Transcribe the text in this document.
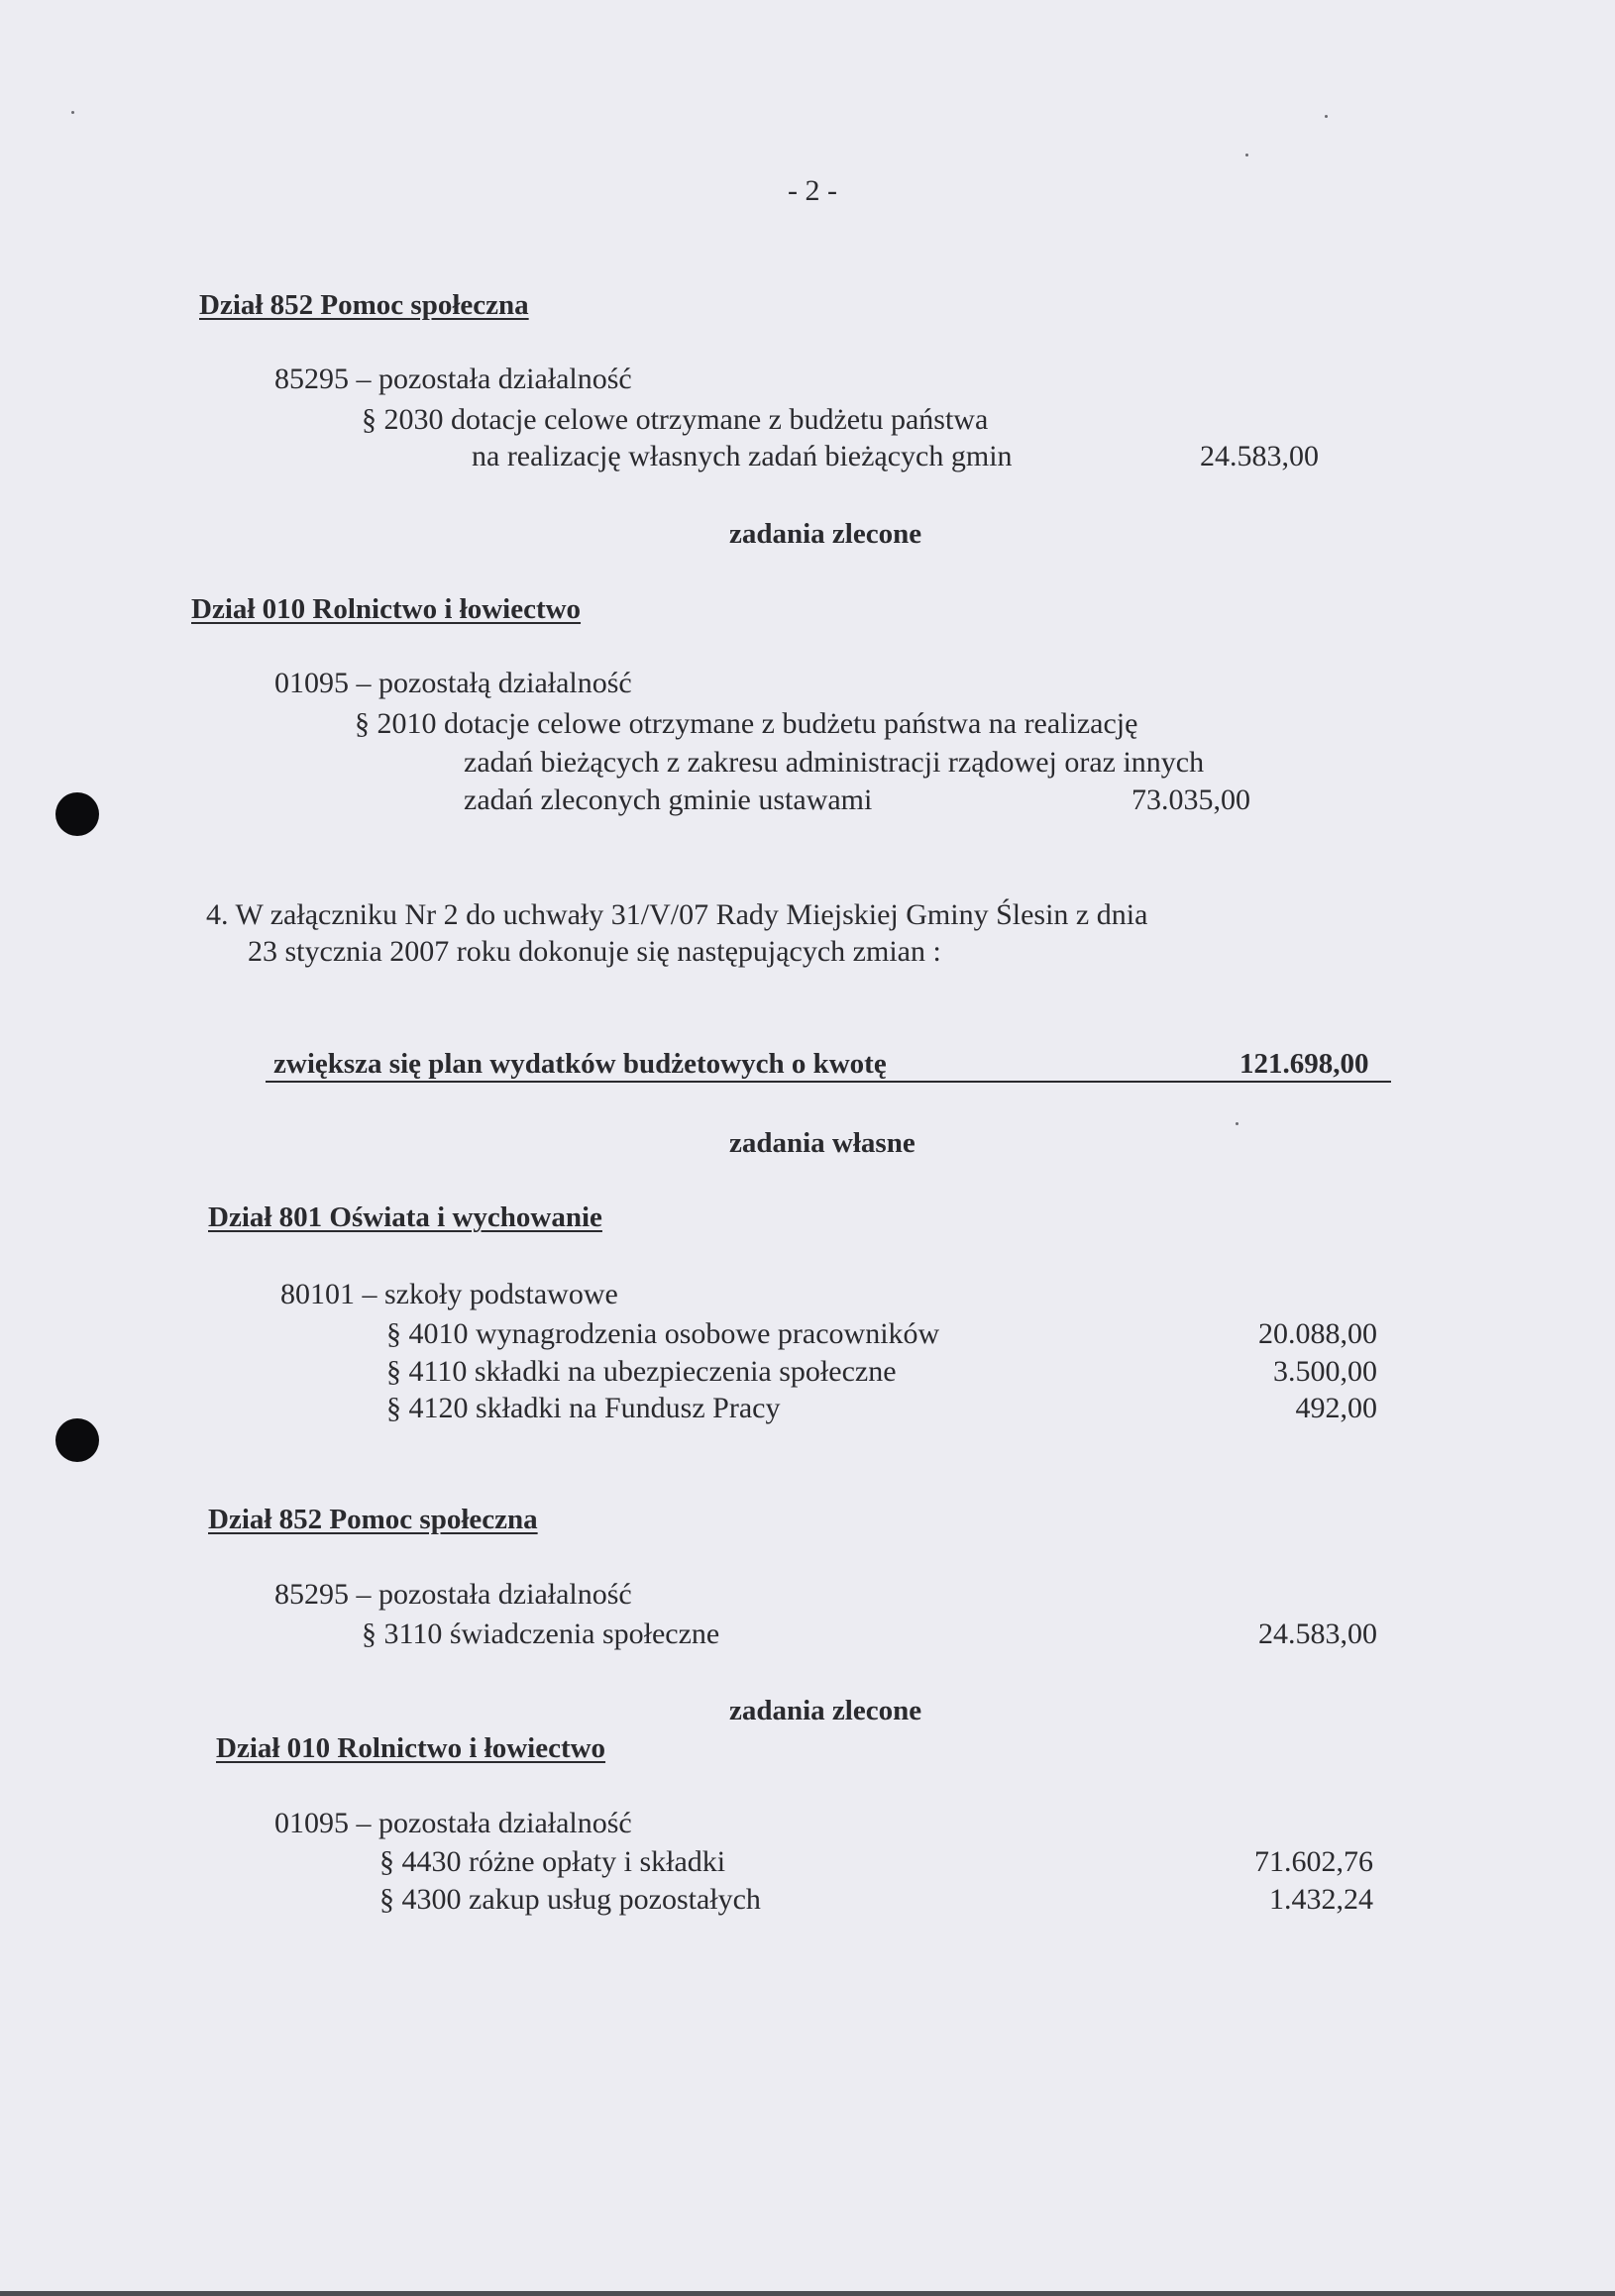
- 2 -
Dział 852 Pomoc społeczna
85295 – pozostała działalność
§ 2030 dotacje celowe otrzymane z budżetu państwa
na realizację własnych zadań bieżących gmin	24.583,00
zadania zlecone
Dział 010 Rolnictwo i łowiectwo
01095 – pozostałą działalność
§ 2010 dotacje celowe otrzymane z budżetu państwa na realizację
zadań bieżących z zakresu administracji rządowej oraz innych
zadań zleconych gminie ustawami	73.035,00
4. W załączniku Nr 2 do uchwały 31/V/07 Rady Miejskiej Gminy Ślesin z dnia
23 stycznia 2007 roku dokonuje się następujących zmian :
zwiększa się plan wydatków budżetowych o kwotę	121.698,00
zadania własne
Dział 801 Oświata i wychowanie
80101 – szkoły podstawowe
§ 4010 wynagrodzenia osobowe pracowników	20.088,00
§ 4110 składki na ubezpieczenia społeczne	3.500,00
§ 4120 składki na Fundusz Pracy	492,00
Dział 852 Pomoc społeczna
85295 – pozostała działalność
§ 3110 świadczenia społeczne	24.583,00
zadania zlecone
Dział 010 Rolnictwo i łowiectwo
01095 – pozostała działalność
§ 4430 różne opłaty i składki	71.602,76
§ 4300 zakup usług pozostałych	1.432,24
